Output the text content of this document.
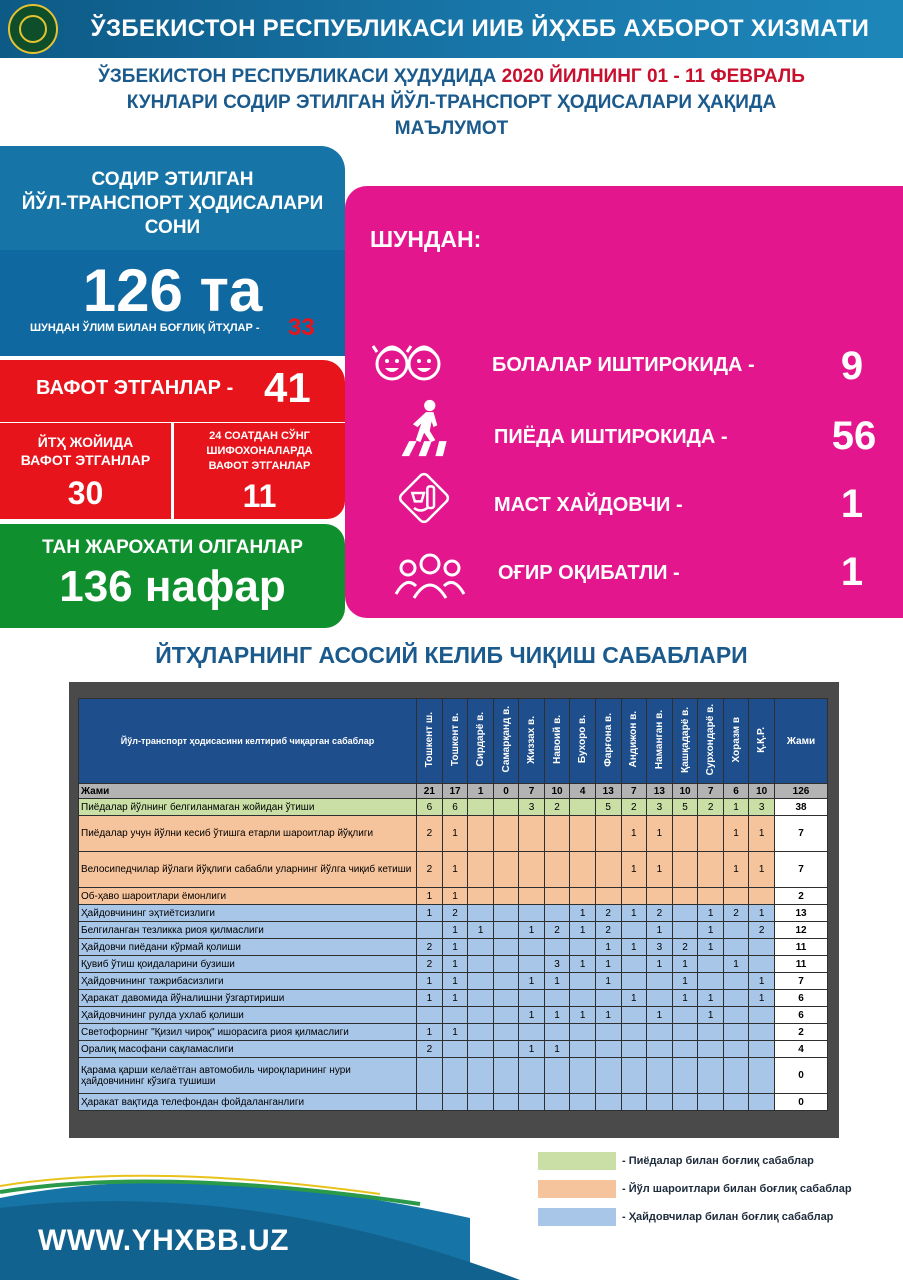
ЎЗБЕКИСТОН РЕСПУБЛИКАСИ ИИВ ЙҲХББ АХБОРОТ ХИЗМАТИ
ЎЗБЕКИСТОН РЕСПУБЛИКАСИ ҲУДУДИДА 2020 ЙИЛНИНГ 01 - 11 ФЕВРАЛЬ
КУНЛАРИ СОДИР ЭТИЛГАН ЙЎЛ-ТРАНСПОРТ ҲОДИСАЛАРИ ҲАҚИДА
МАЪЛУМОТ
СОДИР ЭТИЛГАН
ЙЎЛ-ТРАНСПОРТ ҲОДИСАЛАРИ
СОНИ
126 та
ШУНДАН ЎЛИМ БИЛАН БОҒЛИҚ ЙТҲЛАР - 33
ВАФОТ ЭТГАНЛАР - 41
ЙТҲ ЖОЙИДА
ВАФОТ ЭТГАНЛАР
30
24 СОАТДАН СЎНГ
ШИФОХОНАЛАРДА
ВАФОТ ЭТГАНЛАР
11
ТАН ЖАРОХАТИ ОЛГАНЛАР
136 нафар
ШУНДАН:
БОЛАЛАР ИШТИРОКИДА -	9
ПИЁДА ИШТИРОКИДА -	56
МАСТ ХАЙДОВЧИ -	1
ОҒИР ОҚИБАТЛИ -	1
ЙТҲЛАРНИНГ АСОСИЙ КЕЛИБ ЧИҚИШ САБАБЛАРИ
Йўл-транспорт ҳодисасини келтириб чиқарган сабаблар	Тошкент ш.	Тошкент в.	Сирдарё в.	Самарқанд в.	Жиззах в.	Навоий в.	Бухоро в.	Фарғона в.	Андижон в.	Наманган в.	Қашқадарё в.	Сурхондарё в.	Хоразм в	Қ.Қ.Р.	Жами
Жами	21	17	1	0	7	10	4	13	7	13	10	7	6	10	126
Пиёдалар йўлнинг белгиланмаган жойидан ўтиши	6	6			3	2		5	2	3	5	2	1	3	38
Пиёдалар учун йўлни кесиб ўтишга етарли шароитлар йўқлиги	2	1							1	1			1	1	7
Велосипедчилар йўлаги йўқлиги сабабли уларнинг йўлга чиқиб кетиши	2	1							1	1			1	1	7
Об-ҳаво шароитлари ёмонлиги	1	1													2
Ҳайдовчининг эҳтиётсизлиги	1	2					1	2	1	2		1	2	1	13
Белгиланган тезликка риоя қилмаслиги		1	1		1	2	1	2		1		1		2	12
Ҳайдовчи пиёдани кўрмай қолиши	2	1						1	1	3	2	1			11
Қувиб ўтиш қоидаларини бузиши	2	1				3	1	1		1	1		1		11
Ҳайдовчининг тажрибасизлиги	1	1			1	1		1			1			1	7
Ҳаракат давомида йўналишни ўзгартириши	1	1							1		1	1		1	6
Ҳайдовчининг рулда ухлаб қолиши					1	1	1	1		1		1			6
Светофорнинг "Қизил чироқ" ишорасига риоя қилмаслиги	1	1													2
Оралиқ масофани сақламаслиги	2				1	1									4
Қарама қарши келаётган автомобиль чироқларининг нури ҳайдовчининг кўзига тушиши															0
Ҳаракат вақтида телефондан фойдаланганлиги															0
- Пиёдалар билан боғлиқ сабаблар
- Йўл шароитлари билан боғлиқ сабаблар
- Ҳайдовчилар билан боғлиқ сабаблар
WWW.YHXBB.UZ
